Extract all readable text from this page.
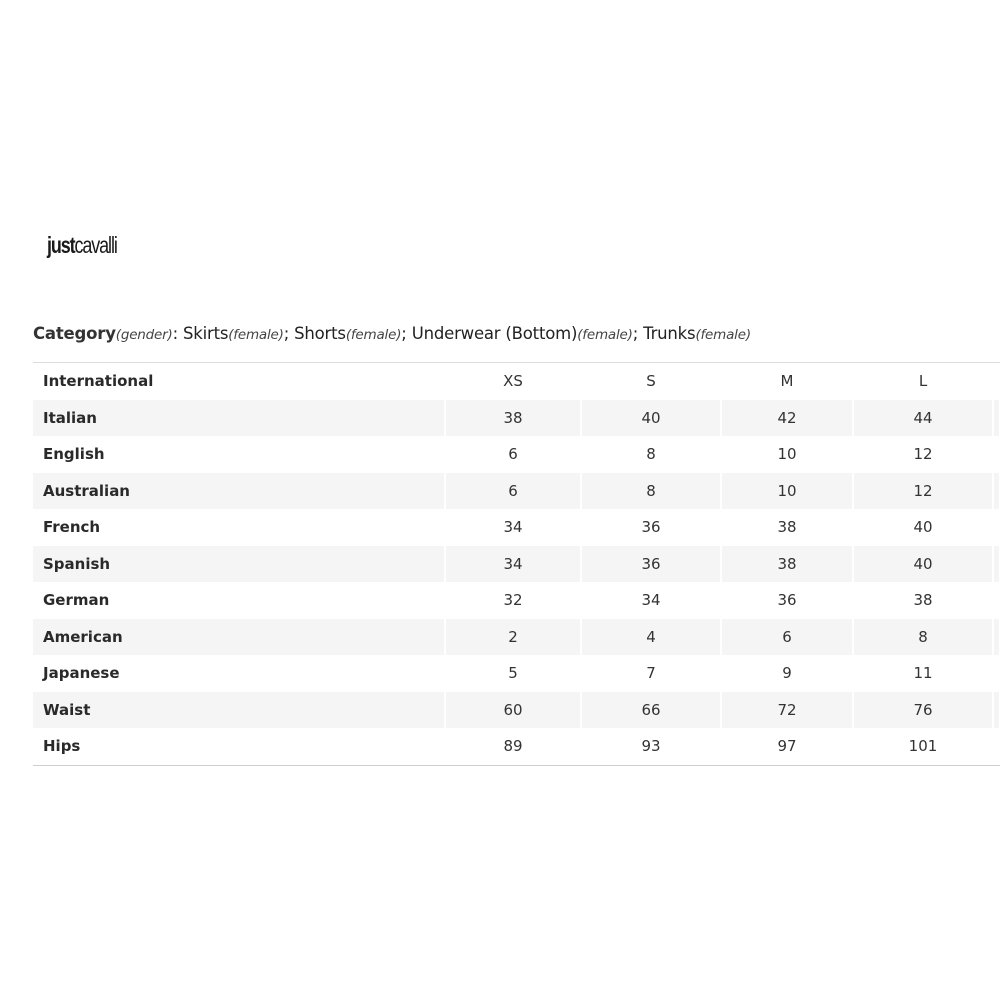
just cavalli
Category(gender): Skirts(female); Shorts(female); Underwear (Bottom)(female); Trunks(female)
International	XS	S	M	L	
Italian	38	40	42	44	
English	6	8	10	12	
Australian	6	8	10	12	
French	34	36	38	40	
Spanish	34	36	38	40	
German	32	34	36	38	
American	2	4	6	8	
Japanese	5	7	9	11	
Waist	60	66	72	76	
Hips	89	93	97	101	
